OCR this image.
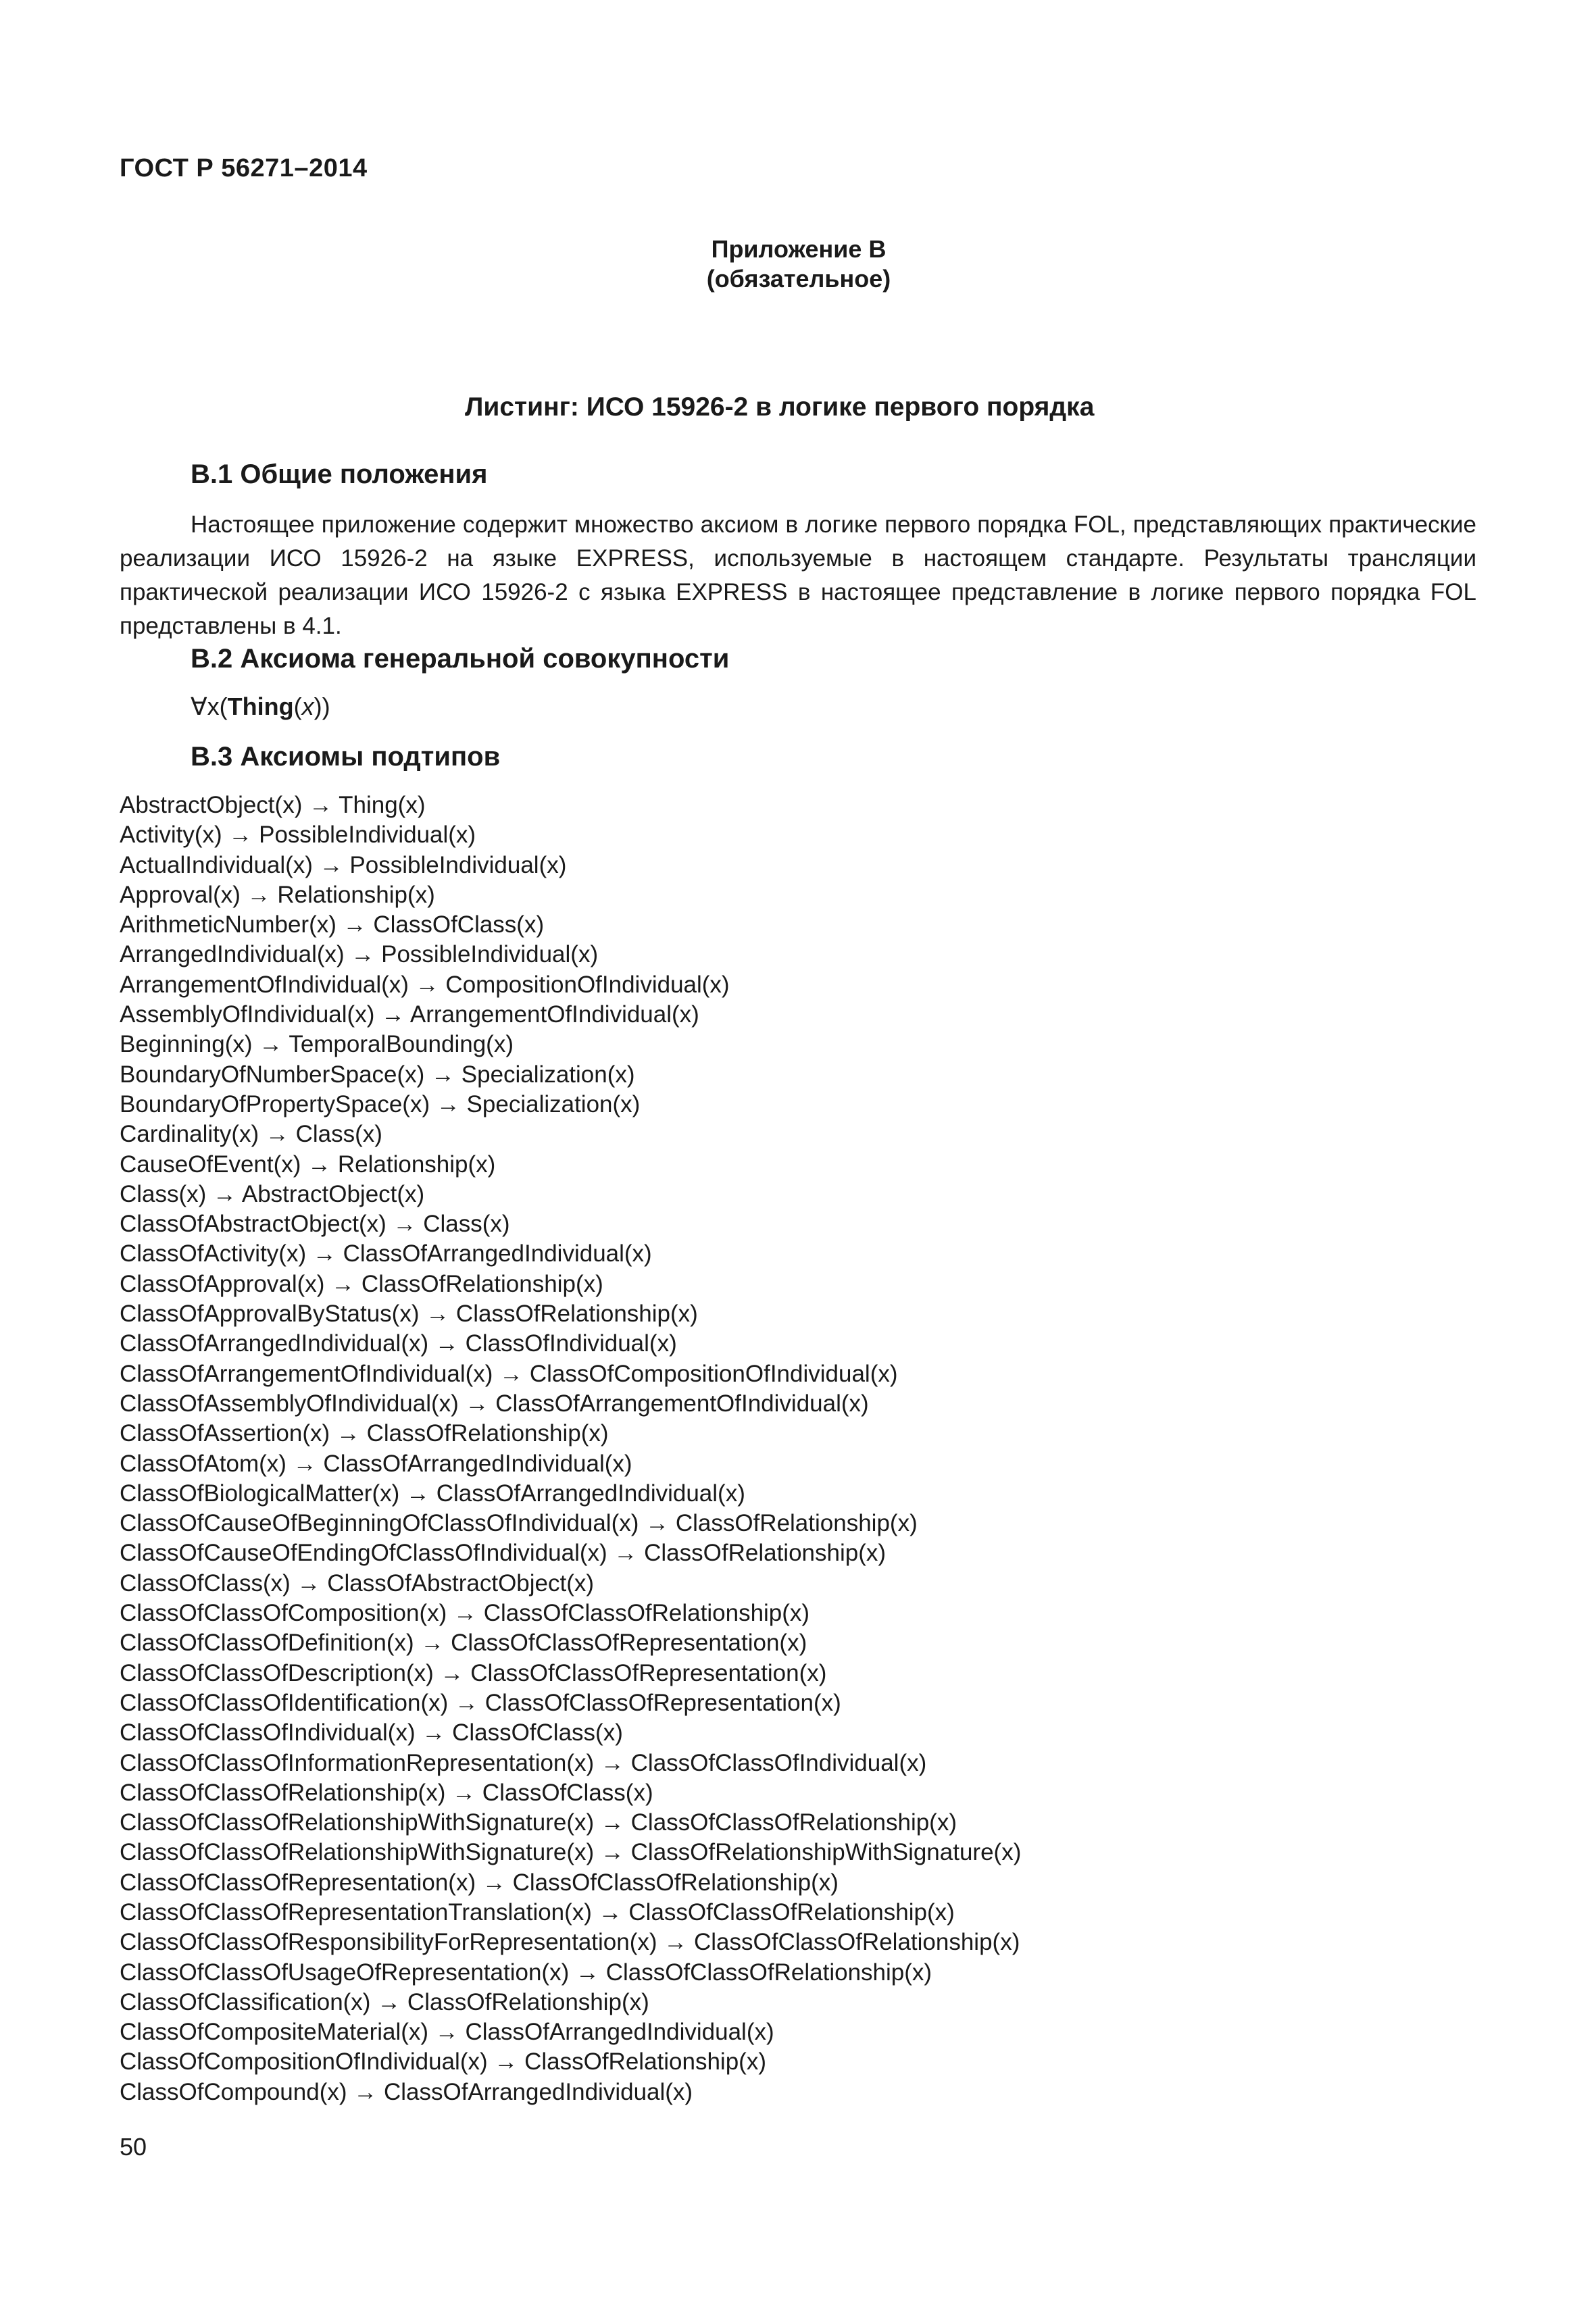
ГОСТ Р 56271–2014
Приложение В
(обязательное)
Листинг: ИСО 15926-2 в логике первого порядка
В.1 Общие положения
Настоящее приложение содержит множество аксиом в логике первого порядка FOL, представляющих практические реализации ИСО 15926-2 на языке EXPRESS, используемые в настоящем стандарте. Результаты трансляции практической реализации ИСО 15926-2 с языка EXPRESS в настоящее представление в логике первого порядка FOL представлены в 4.1.
В.2 Аксиома генеральной совокупности
∀x(Thing(x))
В.3 Аксиомы подтипов
AbstractObject(x) → Thing(x)
Activity(x) → PossibleIndividual(x)
ActualIndividual(x) → PossibleIndividual(x)
Approval(x) → Relationship(x)
ArithmeticNumber(x) → ClassOfClass(x)
ArrangedIndividual(x) → PossibleIndividual(x)
ArrangementOfIndividual(x) → CompositionOfIndividual(x)
AssemblyOfIndividual(x) → ArrangementOfIndividual(x)
Beginning(x) → TemporalBounding(x)
BoundaryOfNumberSpace(x) → Specialization(x)
BoundaryOfPropertySpace(x) → Specialization(x)
Cardinality(x) → Class(x)
CauseOfEvent(x) → Relationship(x)
Class(x) → AbstractObject(x)
ClassOfAbstractObject(x) → Class(x)
ClassOfActivity(x) → ClassOfArrangedIndividual(x)
ClassOfApproval(x) → ClassOfRelationship(x)
ClassOfApprovalByStatus(x) → ClassOfRelationship(x)
ClassOfArrangedIndividual(x) → ClassOfIndividual(x)
ClassOfArrangementOfIndividual(x) → ClassOfCompositionOfIndividual(x)
ClassOfAssemblyOfIndividual(x) → ClassOfArrangementOfIndividual(x)
ClassOfAssertion(x) → ClassOfRelationship(x)
ClassOfAtom(x) → ClassOfArrangedIndividual(x)
ClassOfBiologicalMatter(x) → ClassOfArrangedIndividual(x)
ClassOfCauseOfBeginningOfClassOfIndividual(x) → ClassOfRelationship(x)
ClassOfCauseOfEndingOfClassOfIndividual(x) → ClassOfRelationship(x)
ClassOfClass(x) → ClassOfAbstractObject(x)
ClassOfClassOfComposition(x) → ClassOfClassOfRelationship(x)
ClassOfClassOfDefinition(x) → ClassOfClassOfRepresentation(x)
ClassOfClassOfDescription(x) → ClassOfClassOfRepresentation(x)
ClassOfClassOfIdentification(x) → ClassOfClassOfRepresentation(x)
ClassOfClassOfIndividual(x) → ClassOfClass(x)
ClassOfClassOfInformationRepresentation(x) → ClassOfClassOfIndividual(x)
ClassOfClassOfRelationship(x) → ClassOfClass(x)
ClassOfClassOfRelationshipWithSignature(x) → ClassOfClassOfRelationship(x)
ClassOfClassOfRelationshipWithSignature(x) → ClassOfRelationshipWithSignature(x)
ClassOfClassOfRepresentation(x) → ClassOfClassOfRelationship(x)
ClassOfClassOfRepresentationTranslation(x) → ClassOfClassOfRelationship(x)
ClassOfClassOfResponsibilityForRepresentation(x) → ClassOfClassOfRelationship(x)
ClassOfClassOfUsageOfRepresentation(x) → ClassOfClassOfRelationship(x)
ClassOfClassification(x) → ClassOfRelationship(x)
ClassOfCompositeMaterial(x) → ClassOfArrangedIndividual(x)
ClassOfCompositionOfIndividual(x) → ClassOfRelationship(x)
ClassOfCompound(x) → ClassOfArrangedIndividual(x)
50
